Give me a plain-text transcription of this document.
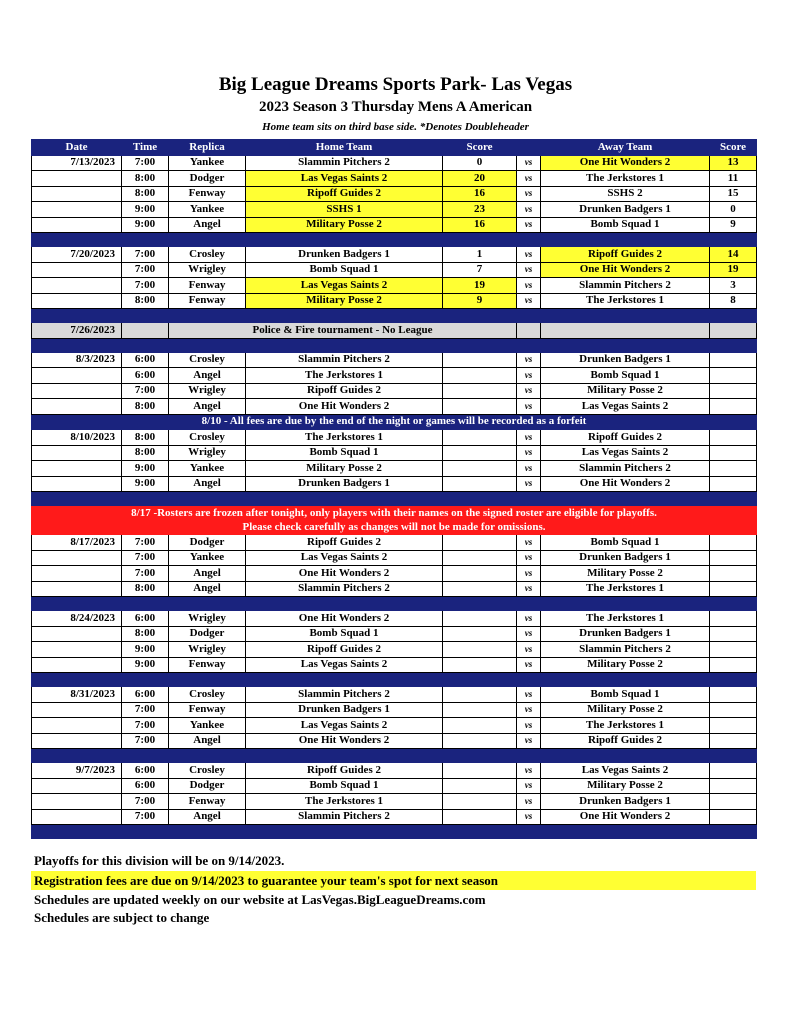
Big League Dreams Sports Park- Las Vegas
2023 Season 3 Thursday Mens A American
Home team sits on third base side. *Denotes Doubleheader
Date	Time	Replica	Home Team	Score		Away Team	Score
7/13/2023	7:00	Yankee	Slammin Pitchers 2	0	vs	One Hit Wonders 2	13
	8:00	Dodger	Las Vegas Saints 2	20	vs	The Jerkstores 1	11
	8:00	Fenway	Ripoff Guides 2	16	vs	SSHS 2	15
	9:00	Yankee	SSHS 1	23	vs	Drunken Badgers 1	0
	9:00	Angel	Military Posse 2	16	vs	Bomb Squad 1	9

7/20/2023	7:00	Crosley	Drunken Badgers 1	1	vs	Ripoff Guides 2	14
	7:00	Wrigley	Bomb Squad 1	7	vs	One Hit Wonders 2	19
	7:00	Fenway	Las Vegas Saints 2	19	vs	Slammin Pitchers 2	3
	8:00	Fenway	Military Posse 2	9	vs	The Jerkstores 1	8

7/26/2023		Police & Fire tournament - No League					

8/3/2023	6:00	Crosley	Slammin Pitchers 2		vs	Drunken Badgers 1	
	6:00	Angel	The Jerkstores 1		vs	Bomb Squad 1	
	7:00	Wrigley	Ripoff Guides 2		vs	Military Posse 2	
	8:00	Angel	One Hit Wonders 2		vs	Las Vegas Saints 2	
8/10 - All fees are due by the end of the night or games will be recorded as a forfeit							
8/10/2023	8:00	Crosley	The Jerkstores 1		vs	Ripoff Guides 2	
	8:00	Wrigley	Bomb Squad 1		vs	Las Vegas Saints 2	
	9:00	Yankee	Military Posse 2		vs	Slammin Pitchers 2	
	9:00	Angel	Drunken Badgers 1		vs	One Hit Wonders 2	

8/17 -Rosters are frozen after tonight, only players with their names on the signed roster are eligible for playoffs.
Please check carefully as changes will not be made for omissions.							

8/17/2023	7:00	Dodger	Ripoff Guides 2		vs	Bomb Squad 1	
	7:00	Yankee	Las Vegas Saints 2		vs	Drunken Badgers 1	
	7:00	Angel	One Hit Wonders 2		vs	Military Posse 2	
	8:00	Angel	Slammin Pitchers 2		vs	The Jerkstores 1	

8/24/2023	6:00	Wrigley	One Hit Wonders 2		vs	The Jerkstores 1	
	8:00	Dodger	Bomb Squad 1		vs	Drunken Badgers 1	
	9:00	Wrigley	Ripoff Guides 2		vs	Slammin Pitchers 2	
	9:00	Fenway	Las Vegas Saints 2		vs	Military Posse 2	

8/31/2023	6:00	Crosley	Slammin Pitchers 2		vs	Bomb Squad 1	
	7:00	Fenway	Drunken Badgers 1		vs	Military Posse 2	
	7:00	Yankee	Las Vegas Saints 2		vs	The Jerkstores 1	
	7:00	Angel	One Hit Wonders 2		vs	Ripoff Guides 2	

9/7/2023	6:00	Crosley	Ripoff Guides 2		vs	Las Vegas Saints 2	
	6:00	Dodger	Bomb Squad 1		vs	Military Posse 2	
	7:00	Fenway	The Jerkstores 1		vs	Drunken Badgers 1	
	7:00	Angel	Slammin Pitchers 2		vs	One Hit Wonders 2	

Playoffs for this division will be on 9/14/2023.
Registration fees are due on 9/14/2023 to guarantee your team's spot for next season
Schedules are updated weekly on our website at LasVegas.BigLeagueDreams.com
Schedules are subject to change
